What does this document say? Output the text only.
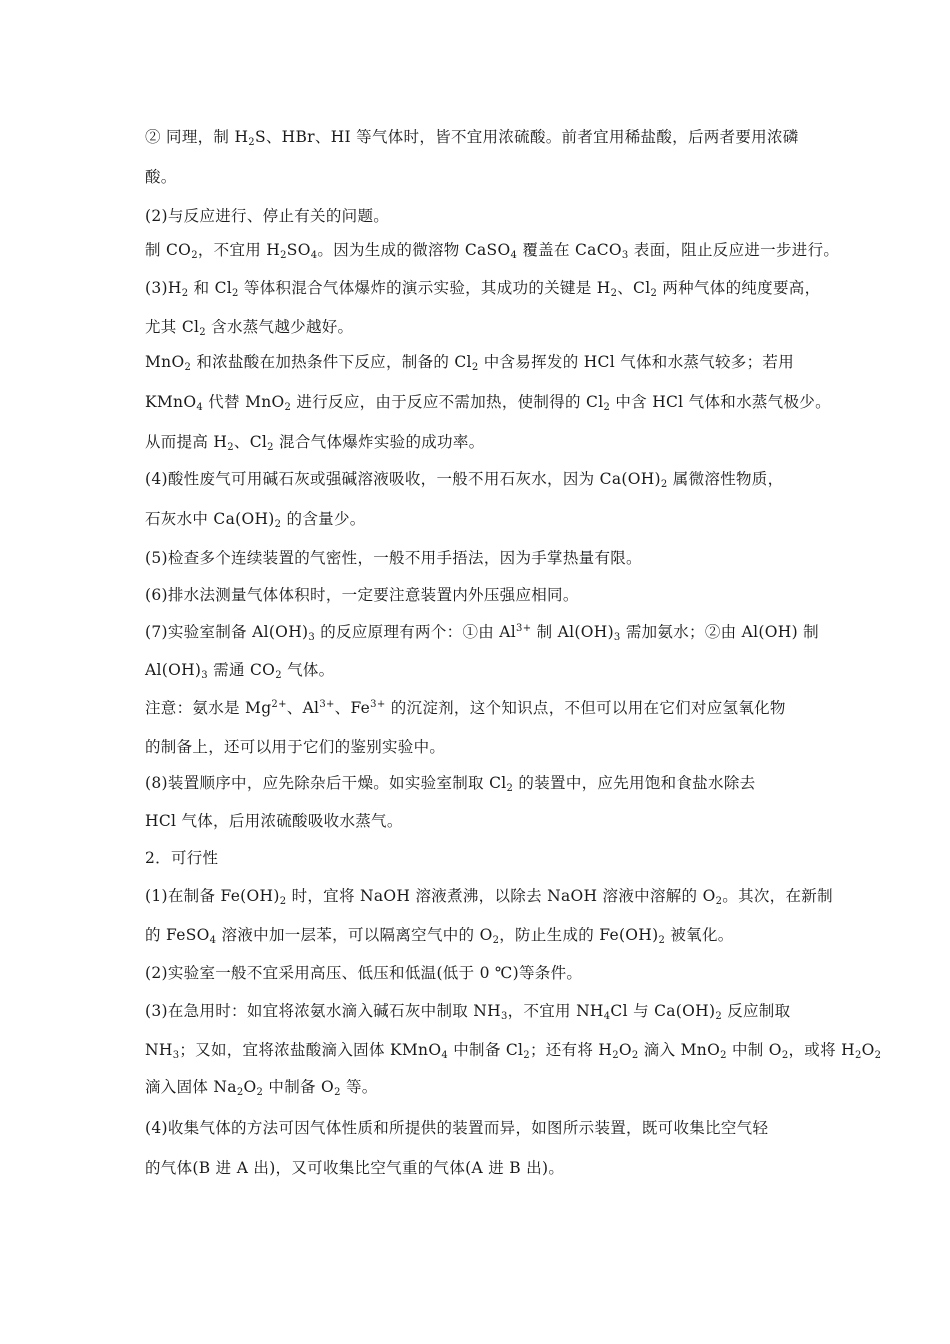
② 同理，制 $H_2S$、HBr、HI 等气体时，皆不宜用浓硫酸。前者宜用稀盐酸，后两者要用浓磷
酸。
(2)与反应进行、停止有关的问题。
制 $CO_2$，不宜用 $H_2SO_4$。因为生成的微溶物 CaSO$_4$ 覆盖在 CaCO$_3$ 表面，阻止反应进一步进行。
$(3)H_2$ 和 $Cl_2$ 等体积混合气体爆炸的演示实验，其成功的关键是 $H_2$、$Cl_2$ 两种气体的纯度要高，
尤其 $Cl_2$ 含水蒸气越少越好。
MnO$_2$ 和浓盐酸在加热条件下反应，制备的 $Cl_2$ 中含易挥发的 HCl 气体和水蒸气较多；若用
KMnO$_4$ 代替 MnO$_2$ 进行反应，由于反应不需加热，使制得的 $Cl_2$ 中含 HCl 气体和水蒸气极少。
从而提高 $H_2$、$Cl_2$ 混合气体爆炸实验的成功率。
(4)酸性废气可用碱石灰或强碱溶液吸收，一般不用石灰水，因为 $Ca(OH)_2$ 属微溶性物质，
石灰水中 $Ca(OH)_2$ 的含量少。
(5)检查多个连续装置的气密性，一般不用手捂法，因为手掌热量有限。
(6)排水法测量气体体积时，一定要注意装置内外压强应相同。
(7)实验室制备 $Al(OH)_3$ 的反应原理有两个：①由 $Al^{3+}$ 制 $Al(OH)_3$ 需加氨水；②由 Al(OH) 制
$Al(OH)_3$ 需通 $CO_2$ 气体。
注意：氨水是 $Mg^{2+}$、$Al^{3+}$、$Fe^{3+}$ 的沉淀剂，这个知识点，不但可以用在它们对应氢氧化物
的制备上，还可以用于它们的鉴别实验中。
(8)装置顺序中，应先除杂后干燥。如实验室制取 $Cl_2$ 的装置中，应先用饱和食盐水除去
HCl 气体，后用浓硫酸吸收水蒸气。
2．可行性
(1)在制备 $Fe(OH)_2$ 时，宜将 NaOH 溶液煮沸，以除去 NaOH 溶液中溶解的 $O_2$。其次，在新制
的 FeSO$_4$ 溶液中加一层苯，可以隔离空气中的 $O_2$，防止生成的 $Fe(OH)_2$ 被氧化。
(2)实验室一般不宜采用高压、低压和低温(低于 0 ℃)等条件。
(3)在急用时：如宜将浓氨水滴入碱石灰中制取 $NH_3$，不宜用 $NH_4Cl$ 与 $Ca(OH)_2$ 反应制取
$NH_3$；又如，宜将浓盐酸滴入固体 KMnO$_4$ 中制备 $Cl_2$；还有将 $H_2O_2$ 滴入 MnO$_2$ 中制 $O_2$，或将 $H_2O_2$
滴入固体 $Na_2O_2$ 中制备 $O_2$ 等。
(4)收集气体的方法可因气体性质和所提供的装置而异，如图所示装置，既可收集比空气轻
的气体(B 进 A 出)，又可收集比空气重的气体(A 进 B 出)。
